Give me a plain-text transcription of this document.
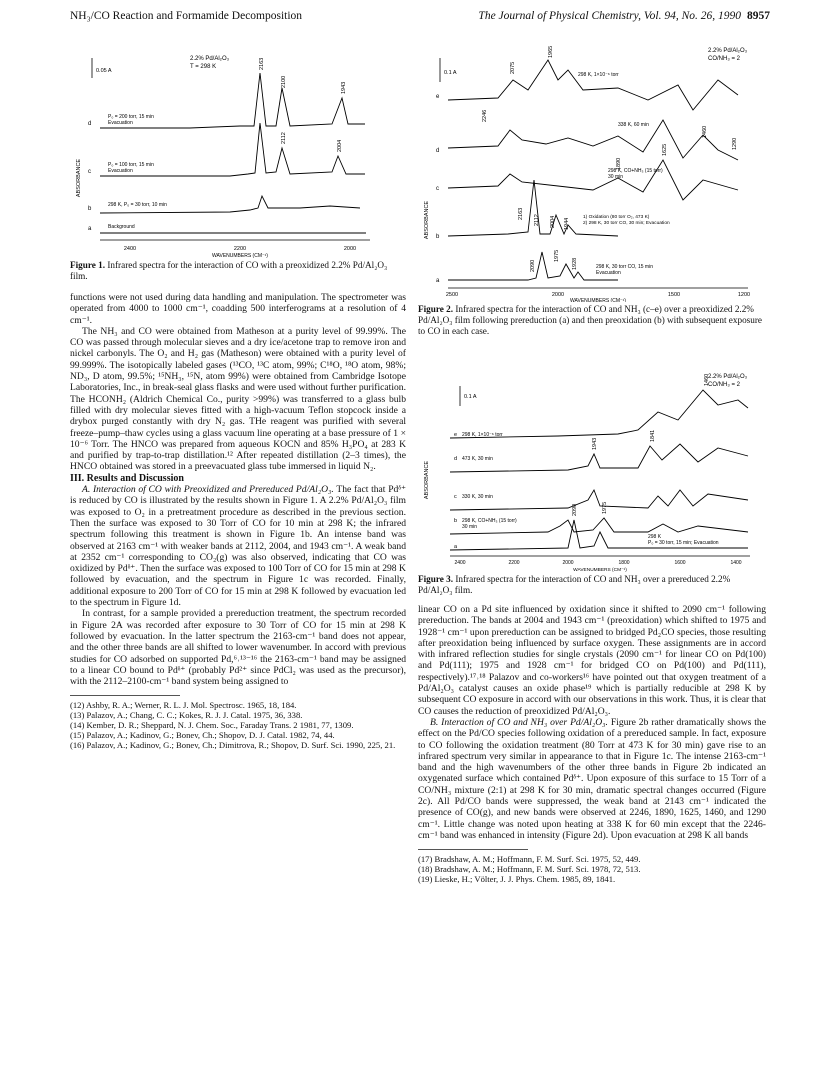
NH₃/CO Reaction and Formamide Decomposition	The Journal of Physical Chemistry, Vol. 94, No. 26, 1990 8957
2.2% Pd/Al₂O₃
T = 298 K
0.05 A
ABSORBANCE
d
P₀ = 200 torr, 15 min Evacuation
c
P₀ = 100 torr, 15 min Evacuation
b
298 K, P₀ = 30 torr, 10 min
a	Background
2163
2100
2112
2004
1943
2400	2200	2000
WAVENUMBERS (CM⁻¹)
Figure 1. Infrared spectra for the interaction of CO with a preoxidized 2.2% Pd/Al₂O₃ film.

functions were not used during data handling and manipulation. The spectrometer was operated from 4000 to 1000 cm⁻¹, coadding 500 interferograms at a resolution of 4 cm⁻¹.

The NH₃ and CO were obtained from Matheson at a purity level of 99.99%. The CO was passed through molecular sieves and a dry ice/acetone trap to remove iron and nickel carbonyls. The O₂ and H₂ gas (Matheson) were obtained with a purity level of 99.999%. The isotopically labeled gases (¹³CO, ¹³C atom, 99%; C¹⁸O, ¹⁸O atom, 98%; ND₃, D atom, 99.5%; ¹⁵NH₃, ¹⁵N, atom 99%) were obtained from Cambridge Isotope Laboratories, Inc., in break-seal glass flasks and were used without further purification. The HCONH₂ (Aldrich Chemical Co., purity >99%) was transferred to a glass bulb filled with dry molecular sieves fitted with a high-vacuum Teflon stopcock inside a drybox purged constantly with dry N₂ gas. THe reagent was purified with several freeze–pump–thaw cycles using a glass vacuum line operating at a base pressure of 1 × 10⁻⁶ Torr. The HNCO was prepared from aqueous KOCN and 85% H₃PO₄ at 283 K and purified by trap-to-trap distillation.¹² After repeated distillation (2–3 times), the HNCO obtained was stored in a preevacuated glass tube immersed in liquid N₂.

III. Results and Discussion

A. Interaction of CO with Preoxidized and Prereduced Pd/Al₂O₃. The fact that Pdᵟ⁺ is reduced by CO is illustrated by the results shown in Figure 1. A 2.2% Pd/Al₂O₃ film was exposed to O₂ in a pretreatment procedure as described in the previous section. Then the surface was exposed to 30 Torr of CO for 10 min at 298 K; the infrared spectrum following this treatment is shown in Figure 1b. An intense band was observed at 2163 cm⁻¹ with weaker bands at 2112, 2004, and 1943 cm⁻¹. A weak band at 2352 cm⁻¹ corresponding to CO₂(g) was also observed, indicating that CO was oxidized by Pdᵟ⁺. Then the surface was exposed to 100 Torr of CO for 15 min at 298 K followed by evacuation, and the spectrum in Figure 1c was recorded. Finally, additional exposure to 200 Torr of CO for 15 min at 298 K followed by evacuation led to the spectrum in Figure 1d.

In contrast, for a sample provided a prereduction treatment, the spectrum recorded in Figure 2A was recorded after exposure to 30 Torr of CO for 15 min at 298 K followed by evacuation. In the latter spectrum the 2163-cm⁻¹ band does not appear, and the other three bands are all shifted to lower wavenumber. In accord with previous studies for CO adsorbed on supported Pd,⁶˒¹³⁻¹⁶ the 2163-cm⁻¹ band may be assigned to a linear CO bound to Pdᵟ⁺ (probably Pd²⁺ since PdCl₂ was used as the precursor), with the 2112–2100-cm⁻¹ band system being assigned to

(12) Ashby, R. A.; Werner, R. L. J. Mol. Spectrosc. 1965, 18, 184.
(13) Palazov, A.; Chang, C. C.; Kokes, R. J. J. Catal. 1975, 36, 338.
(14) Kember, D. R.; Sheppard, N. J. Chem. Soc., Faraday Trans. 2 1981, 77, 1309.
(15) Palazov, A.; Kadinov, G.; Bonev, Ch.; Shopov, D. J. Catal. 1982, 74, 44.
(16) Palazov, A.; Kadinov, G.; Bonev, Ch.; Dimitrova, R.; Shopov, D. Surf. Sci. 1990, 225, 21.
2.2% Pd/Al₂O₃
CO/NH₃ = 2
0.1 A
ABSORBANCE
e
298 K, 1×10⁻⁶ torr
d
338 K, 60 min
c
298 K, CO+NH₃ (15 torr) 30 min
b
1) Oxidation (80 torr O₂, 473 K) 2) 298 K, 30 torr CO, 30 min; Evacuation
a
298 K, 30 torr CO, 15 min Evacuation
2246
2075
1965
1890
1625
1460
1290
2163
2112 2004 1944
2090
1975
1928
2500	2000	1500	1200
WAVENUMBERS (CM⁻¹)
Figure 2. Infrared spectra for the interaction of CO and NH₃ (c–e) over a preoxidized 2.2% Pd/Al₂O₃ film following prereduction (a) and then preoxidation (b) with subsequent exposure to CO in each case.
2.2% Pd/Al₂O₃
CO/NH₃ = 2
0.1 A
ABSORBANCE
e 298 K, 1×10⁻⁶ torr
d 473 K, 30 min
c 330 K, 30 min
b 298 K, CO+NH₃ (15 torr) 30 min
a
298 K P₀ = 30 torr, 15 min; Evacuation
1460
1943
1841
2090	1975
2400	2200	2000	1800	1600	1400
WAVENUMBERS (CM⁻¹)
Figure 3. Infrared spectra for the interaction of CO and NH₃ over a prereduced 2.2% Pd/Al₂O₃ film.

linear CO on a Pd site influenced by oxidation since it shifted to 2090 cm⁻¹ following prereduction. The bands at 2004 and 1943 cm⁻¹ (preoxidation) which shifted to 1975 and 1928⁻¹ cm⁻¹ upon prereduction can be assigned to bridged Pd₂CO species, those resulting after preoxidation being influenced by surface oxygen. These assignments are in accord with infrared reflection studies for single crystals (2090 cm⁻¹ for linear CO on Pd(100) and Pd(111); 1975 and 1928 cm⁻¹ for bridged CO on Pd(100) and Pd(111), respectively).¹⁷˒¹⁸ Palazov and co-workers¹⁶ have pointed out that oxygen treatment of a Pd/Al₂O₃ catalyst causes an oxide phase¹⁹ which is partially reducible at 298 K by subsequent CO exposure in accord with our observations in this work. Thus, it is clear that CO causes the reduction of preoxidized Pd/Al₂O₃.

B. Interaction of CO and NH₃ over Pd/Al₂O₃. Figure 2b rather dramatically shows the effect on the Pd/CO species following oxidation of a prereduced sample. In fact, exposure to CO following the oxidation treatment (80 Torr at 473 K for 30 min) gave rise to an infrared spectrum very similar in appearance to that in Figure 1c. The intense 2163-cm⁻¹ band and the high wavenumbers of the other three bands in Figure 2b indicated an oxygenated surface which contained Pdᵟ⁺. Upon exposure of this surface to 15 Torr of a CO/NH₃ mixture (2:1) at 298 K for 30 min, dramatic spectral changes occurred (Figure 2c). All Pd/CO bands were suppressed, the weak band at 2143 cm⁻¹ indicated the presence of CO(g), and new bands were observed at 2246, 1890, 1625, 1460, and 1290 cm⁻¹. Little change was noted upon heating at 338 K for 60 min except that the 2246-cm⁻¹ band was enhanced in intensity (Figure 2d). Upon evacuation at 298 K all bands

(17) Bradshaw, A. M.; Hoffmann, F. M. Surf. Sci. 1975, 52, 449.
(18) Bradshaw, A. M.; Hoffmann, F. M. Surf. Sci. 1978, 72, 513.
(19) Lieske, H.; Völter, J. J. Phys. Chem. 1985, 89, 1841.
